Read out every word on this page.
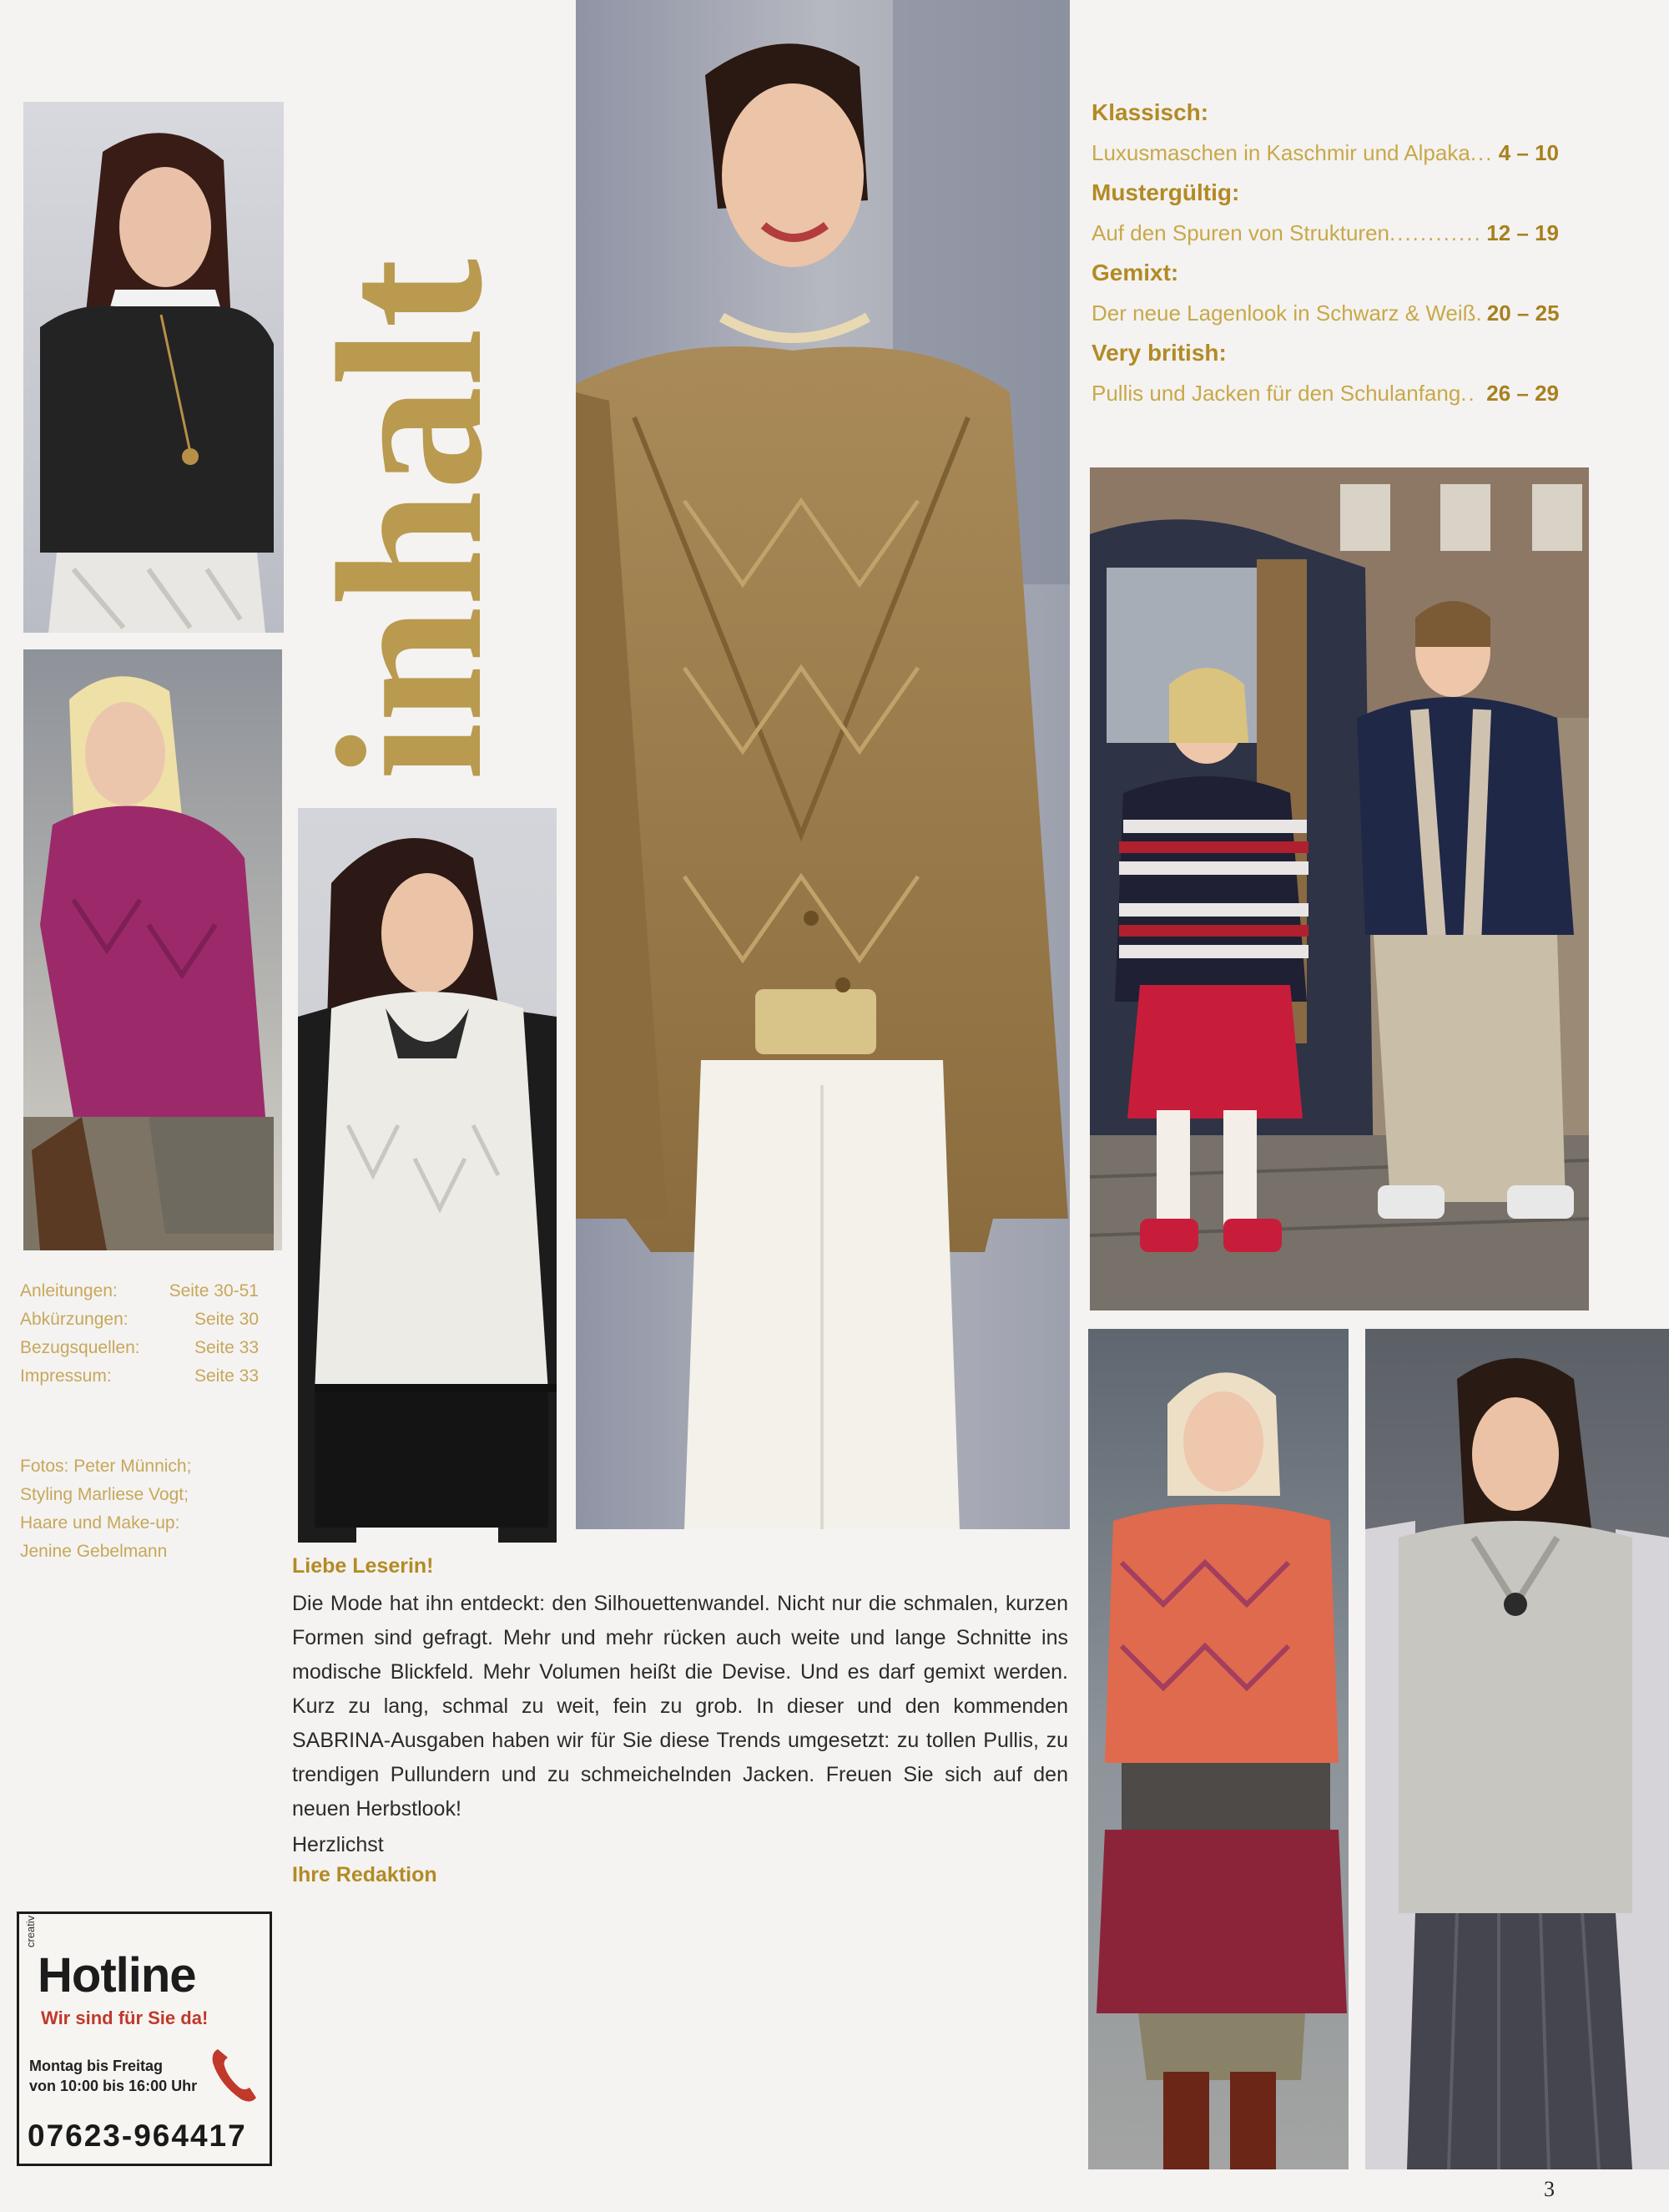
inhalt
Klassisch:
Luxusmaschen in Kaschmir und Alpaka ... 4 – 10
Mustergültig:
Auf den Spuren von Strukturen ............ 12 – 19
Gemixt:
Der neue Lagenlook in Schwarz & Weiß . 20 – 25
Very british:
Pullis und Jacken für den Schulanfang .. 26 – 29
Anleitungen:	Seite 30-51
Abkürzungen:	Seite 30
Bezugsquellen:	Seite 33
Impressum:	Seite 33
Fotos: Peter Münnich;
Styling Marliese Vogt;
Haare und Make-up:
Jenine Gebelmann
Liebe Leserin!

Die Mode hat ihn entdeckt: den Silhouettenwandel. Nicht nur die schmalen, kurzen Formen sind gefragt. Mehr und mehr rücken auch weite und lange Schnitte ins modische Blickfeld. Mehr Volumen heißt die Devise. Und es darf gemixt werden. Kurz zu lang, schmal zu weit, fein zu grob. In dieser und den kommenden SABRINA-Ausgaben haben wir für Sie diese Trends umgesetzt: zu tollen Pullis, zu trendigen Pullundern und zu schmeichelnden Jacken. Freuen Sie sich auf den neuen Herbstlook!

Herzlichst
Ihre Redaktion
creativ
Hotline
Wir sind für Sie da!
Montag bis Freitag
von 10:00 bis 16:00 Uhr
07623-964417
3
